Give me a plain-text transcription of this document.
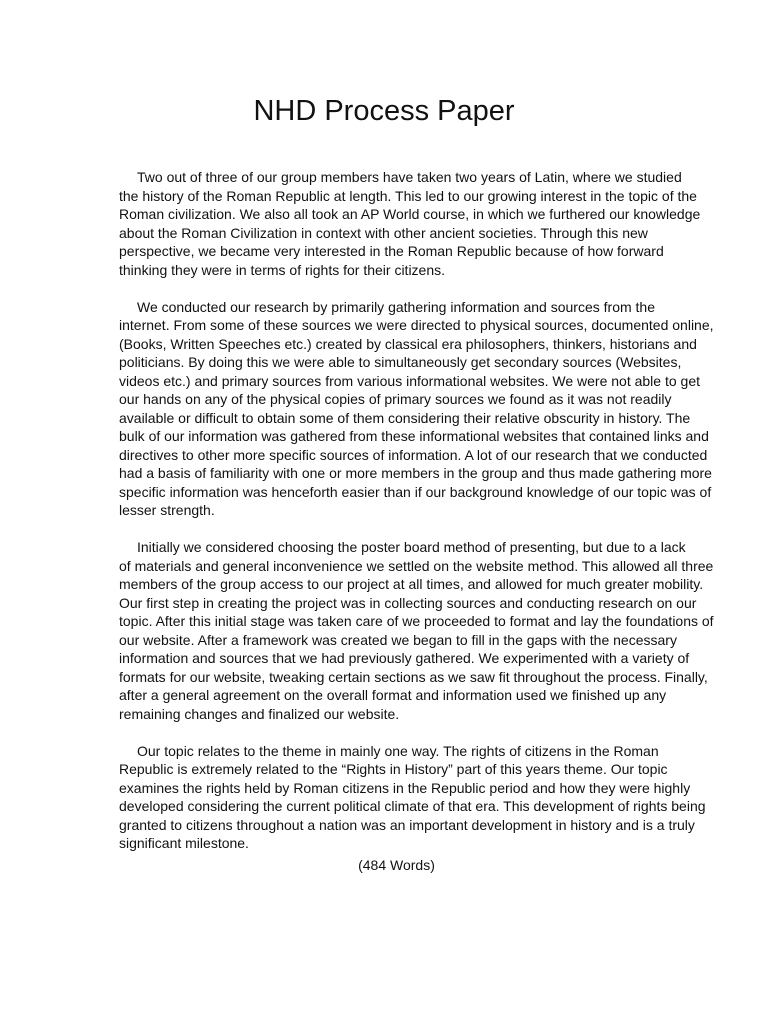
NHD Process Paper

Two out of three of our group members have taken two years of Latin, where we studied
the history of the Roman Republic at length. This led to our growing interest in the topic of the
Roman civilization. We also all took an AP World course, in which we furthered our knowledge
about the Roman Civilization in context with other ancient societies. Through this new
perspective, we became very interested in the Roman Republic because of how forward
thinking they were in terms of rights for their citizens.

We conducted our research by primarily gathering information and sources from the
internet. From some of these sources we were directed to physical sources, documented online,
(Books, Written Speeches etc.) created by classical era philosophers, thinkers, historians and
politicians. By doing this we were able to simultaneously get secondary sources (Websites,
videos etc.) and primary sources from various informational websites. We were not able to get
our hands on any of the physical copies of primary sources we found as it was not readily
available or difficult to obtain some of them considering their relative obscurity in history. The
bulk of our information was gathered from these informational websites that contained links and
directives to other more specific sources of information. A lot of our research that we conducted
had a basis of familiarity with one or more members in the group and thus made gathering more
specific information was henceforth easier than if our background knowledge of our topic was of
lesser strength.

Initially we considered choosing the poster board method of presenting, but due to a lack
of materials and general inconvenience we settled on the website method. This allowed all three
members of the group access to our project at all times, and allowed for much greater mobility.
Our first step in creating the project was in collecting sources and conducting research on our
topic. After this initial stage was taken care of we proceeded to format and lay the foundations of
our website. After a framework was created we began to fill in the gaps with the necessary
information and sources that we had previously gathered. We experimented with a variety of
formats for our website, tweaking certain sections as we saw fit throughout the process. Finally,
after a general agreement on the overall format and information used we finished up any
remaining changes and finalized our website.

Our topic relates to the theme in mainly one way. The rights of citizens in the Roman
Republic is extremely related to the “Rights in History” part of this years theme. Our topic
examines the rights held by Roman citizens in the Republic period and how they were highly
developed considering the current political climate of that era. This development of rights being
granted to citizens throughout a nation was an important development in history and is a truly
significant milestone.

(484 Words)
